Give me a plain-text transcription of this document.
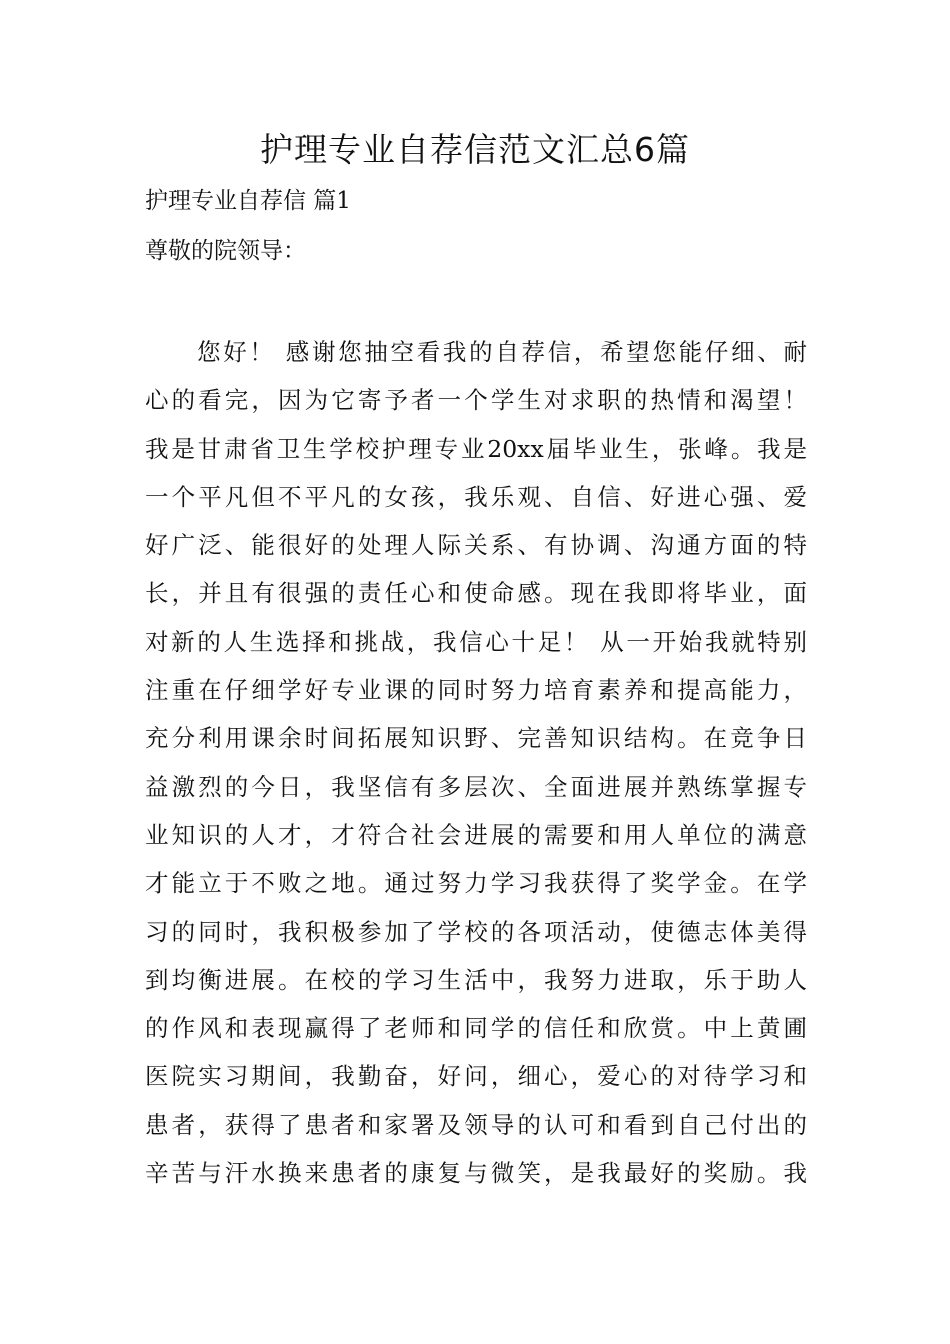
护理专业自荐信范文汇总6篇

护理专业自荐信 篇1

尊敬的院领导：

您好！ 感谢您抽空看我的自荐信，希望您能仔细、耐
心的看完，因为它寄予者一个学生对求职的热情和渴望！
我是甘肃省卫生学校护理专业20xx届毕业生，张峰。我是
一个平凡但不平凡的女孩，我乐观、自信、好进心强、爱
好广泛、能很好的处理人际关系、有协调、沟通方面的特
长，并且有很强的责任心和使命感。现在我即将毕业，面
对新的人生选择和挑战，我信心十足！ 从一开始我就特别
注重在仔细学好专业课的同时努力培育素养和提高能力，
充分利用课余时间拓展知识野、完善知识结构。在竞争日
益激烈的今日，我坚信有多层次、全面进展并熟练掌握专
业知识的人才，才符合社会进展的需要和用人单位的满意
才能立于不败之地。通过努力学习我获得了奖学金。在学
习的同时，我积极参加了学校的各项活动，使德志体美得
到均衡进展。在校的学习生活中，我努力进取，乐于助人
的作风和表现赢得了老师和同学的信任和欣赏。中上黄圃
医院实习期间，我勤奋，好问，细心，爱心的对待学习和
患者，获得了患者和家署及领导的认可和看到自己付出的
辛苦与汗水换来患者的康复与微笑，是我最好的奖励。我
